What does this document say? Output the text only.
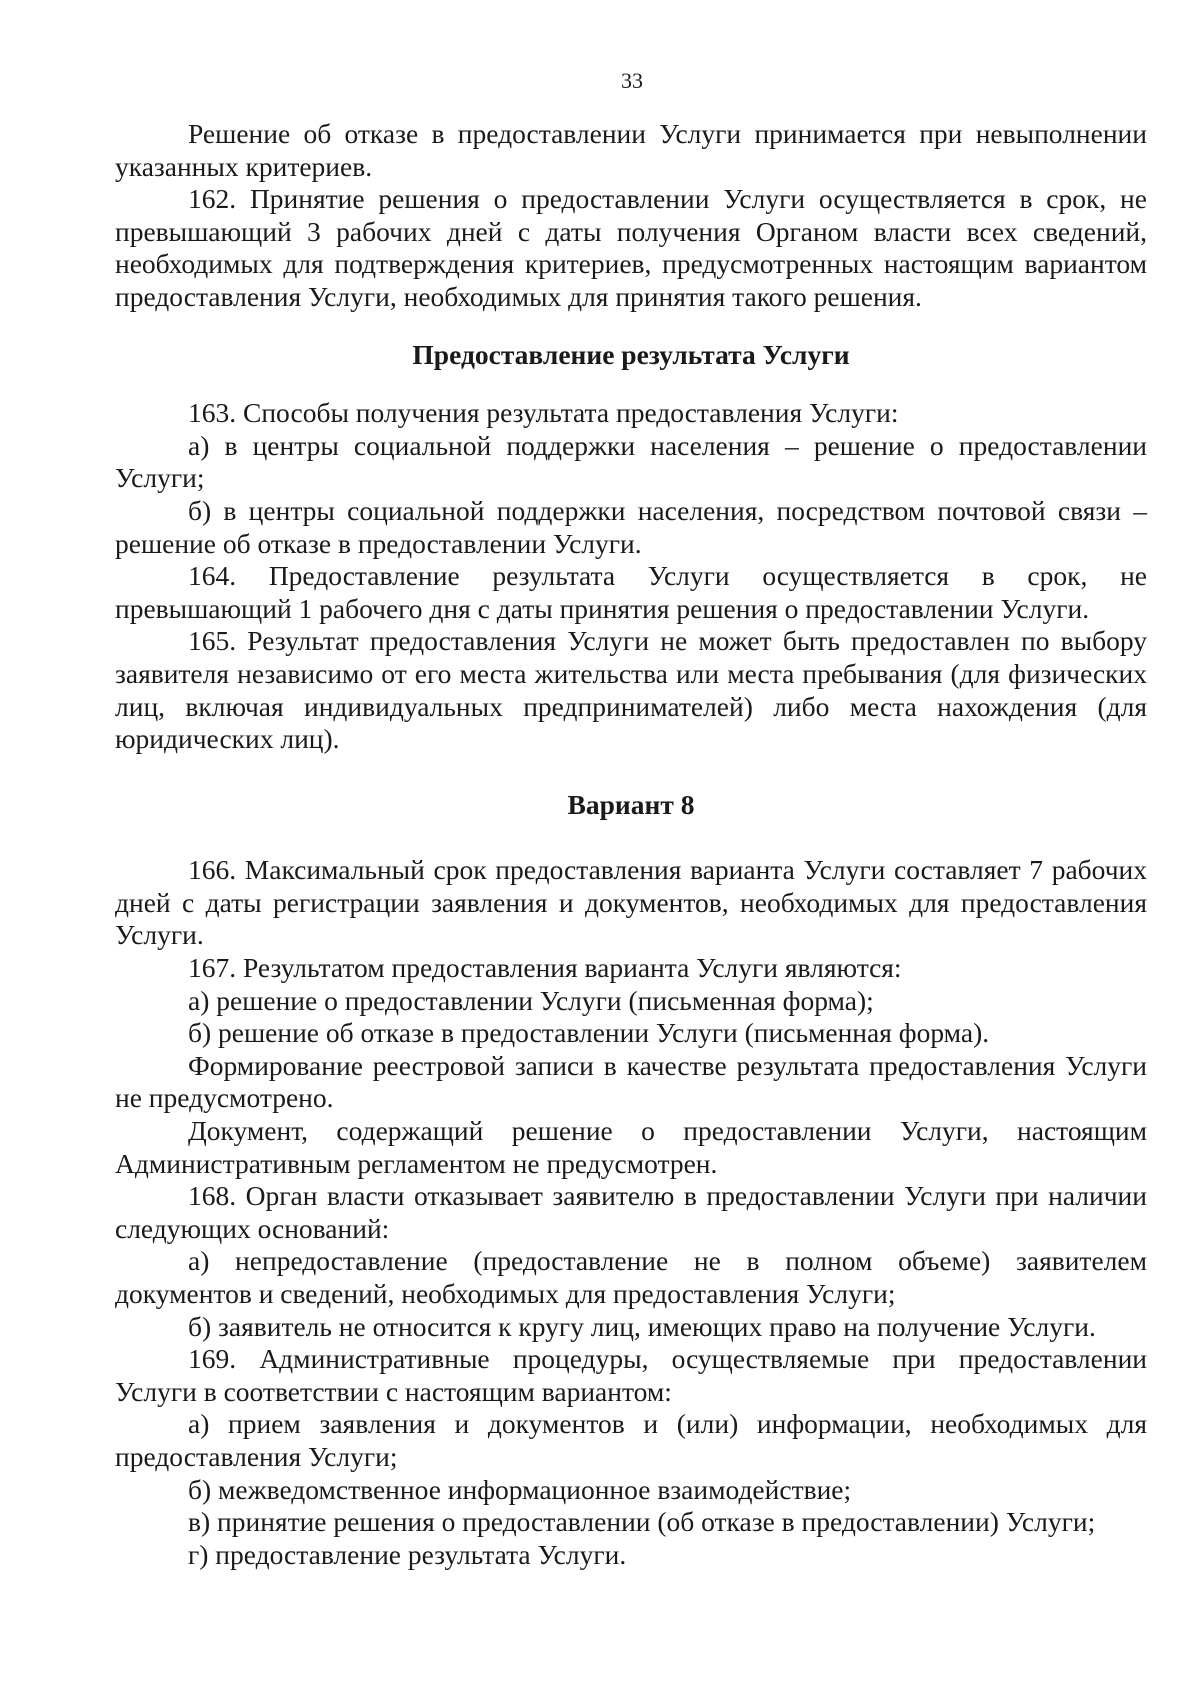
33

Решение об отказе в предоставлении Услуги принимается при невыполнении указанных критериев.

162. Принятие решения о предоставлении Услуги осуществляется в срок, не превышающий 3 рабочих дней с даты получения Органом власти всех сведений, необходимых для подтверждения критериев, предусмотренных настоящим вариантом предоставления Услуги, необходимых для принятия такого решения.

Предоставление результата Услуги

163. Способы получения результата предоставления Услуги:

а) в центры социальной поддержки населения – решение о предоставлении Услуги;

б) в центры социальной поддержки населения, посредством почтовой связи – решение об отказе в предоставлении Услуги.

164. Предоставление результата Услуги осуществляется в срок, не превышающий 1 рабочего дня с даты принятия решения о предоставлении Услуги.

165. Результат предоставления Услуги не может быть предоставлен по выбору заявителя независимо от его места жительства или места пребывания (для физических лиц, включая индивидуальных предпринимателей) либо места нахождения (для юридических лиц).

Вариант 8

166. Максимальный срок предоставления варианта Услуги составляет 7 рабочих дней с даты регистрации заявления и документов, необходимых для предоставления Услуги.

167. Результатом предоставления варианта Услуги являются:

а) решение о предоставлении Услуги (письменная форма);

б) решение об отказе в предоставлении Услуги (письменная форма).

Формирование реестровой записи в качестве результата предоставления Услуги не предусмотрено.

Документ, содержащий решение о предоставлении Услуги, настоящим Административным регламентом не предусмотрен.

168. Орган власти отказывает заявителю в предоставлении Услуги при наличии следующих оснований:

а) непредоставление (предоставление не в полном объеме) заявителем документов и сведений, необходимых для предоставления Услуги;

б) заявитель не относится к кругу лиц, имеющих право на получение Услуги.

169. Административные процедуры, осуществляемые при предоставлении Услуги в соответствии с настоящим вариантом:

а) прием заявления и документов и (или) информации, необходимых для предоставления Услуги;

б) межведомственное информационное взаимодействие;

в) принятие решения о предоставлении (об отказе в предоставлении) Услуги;

г) предоставление результата Услуги.
